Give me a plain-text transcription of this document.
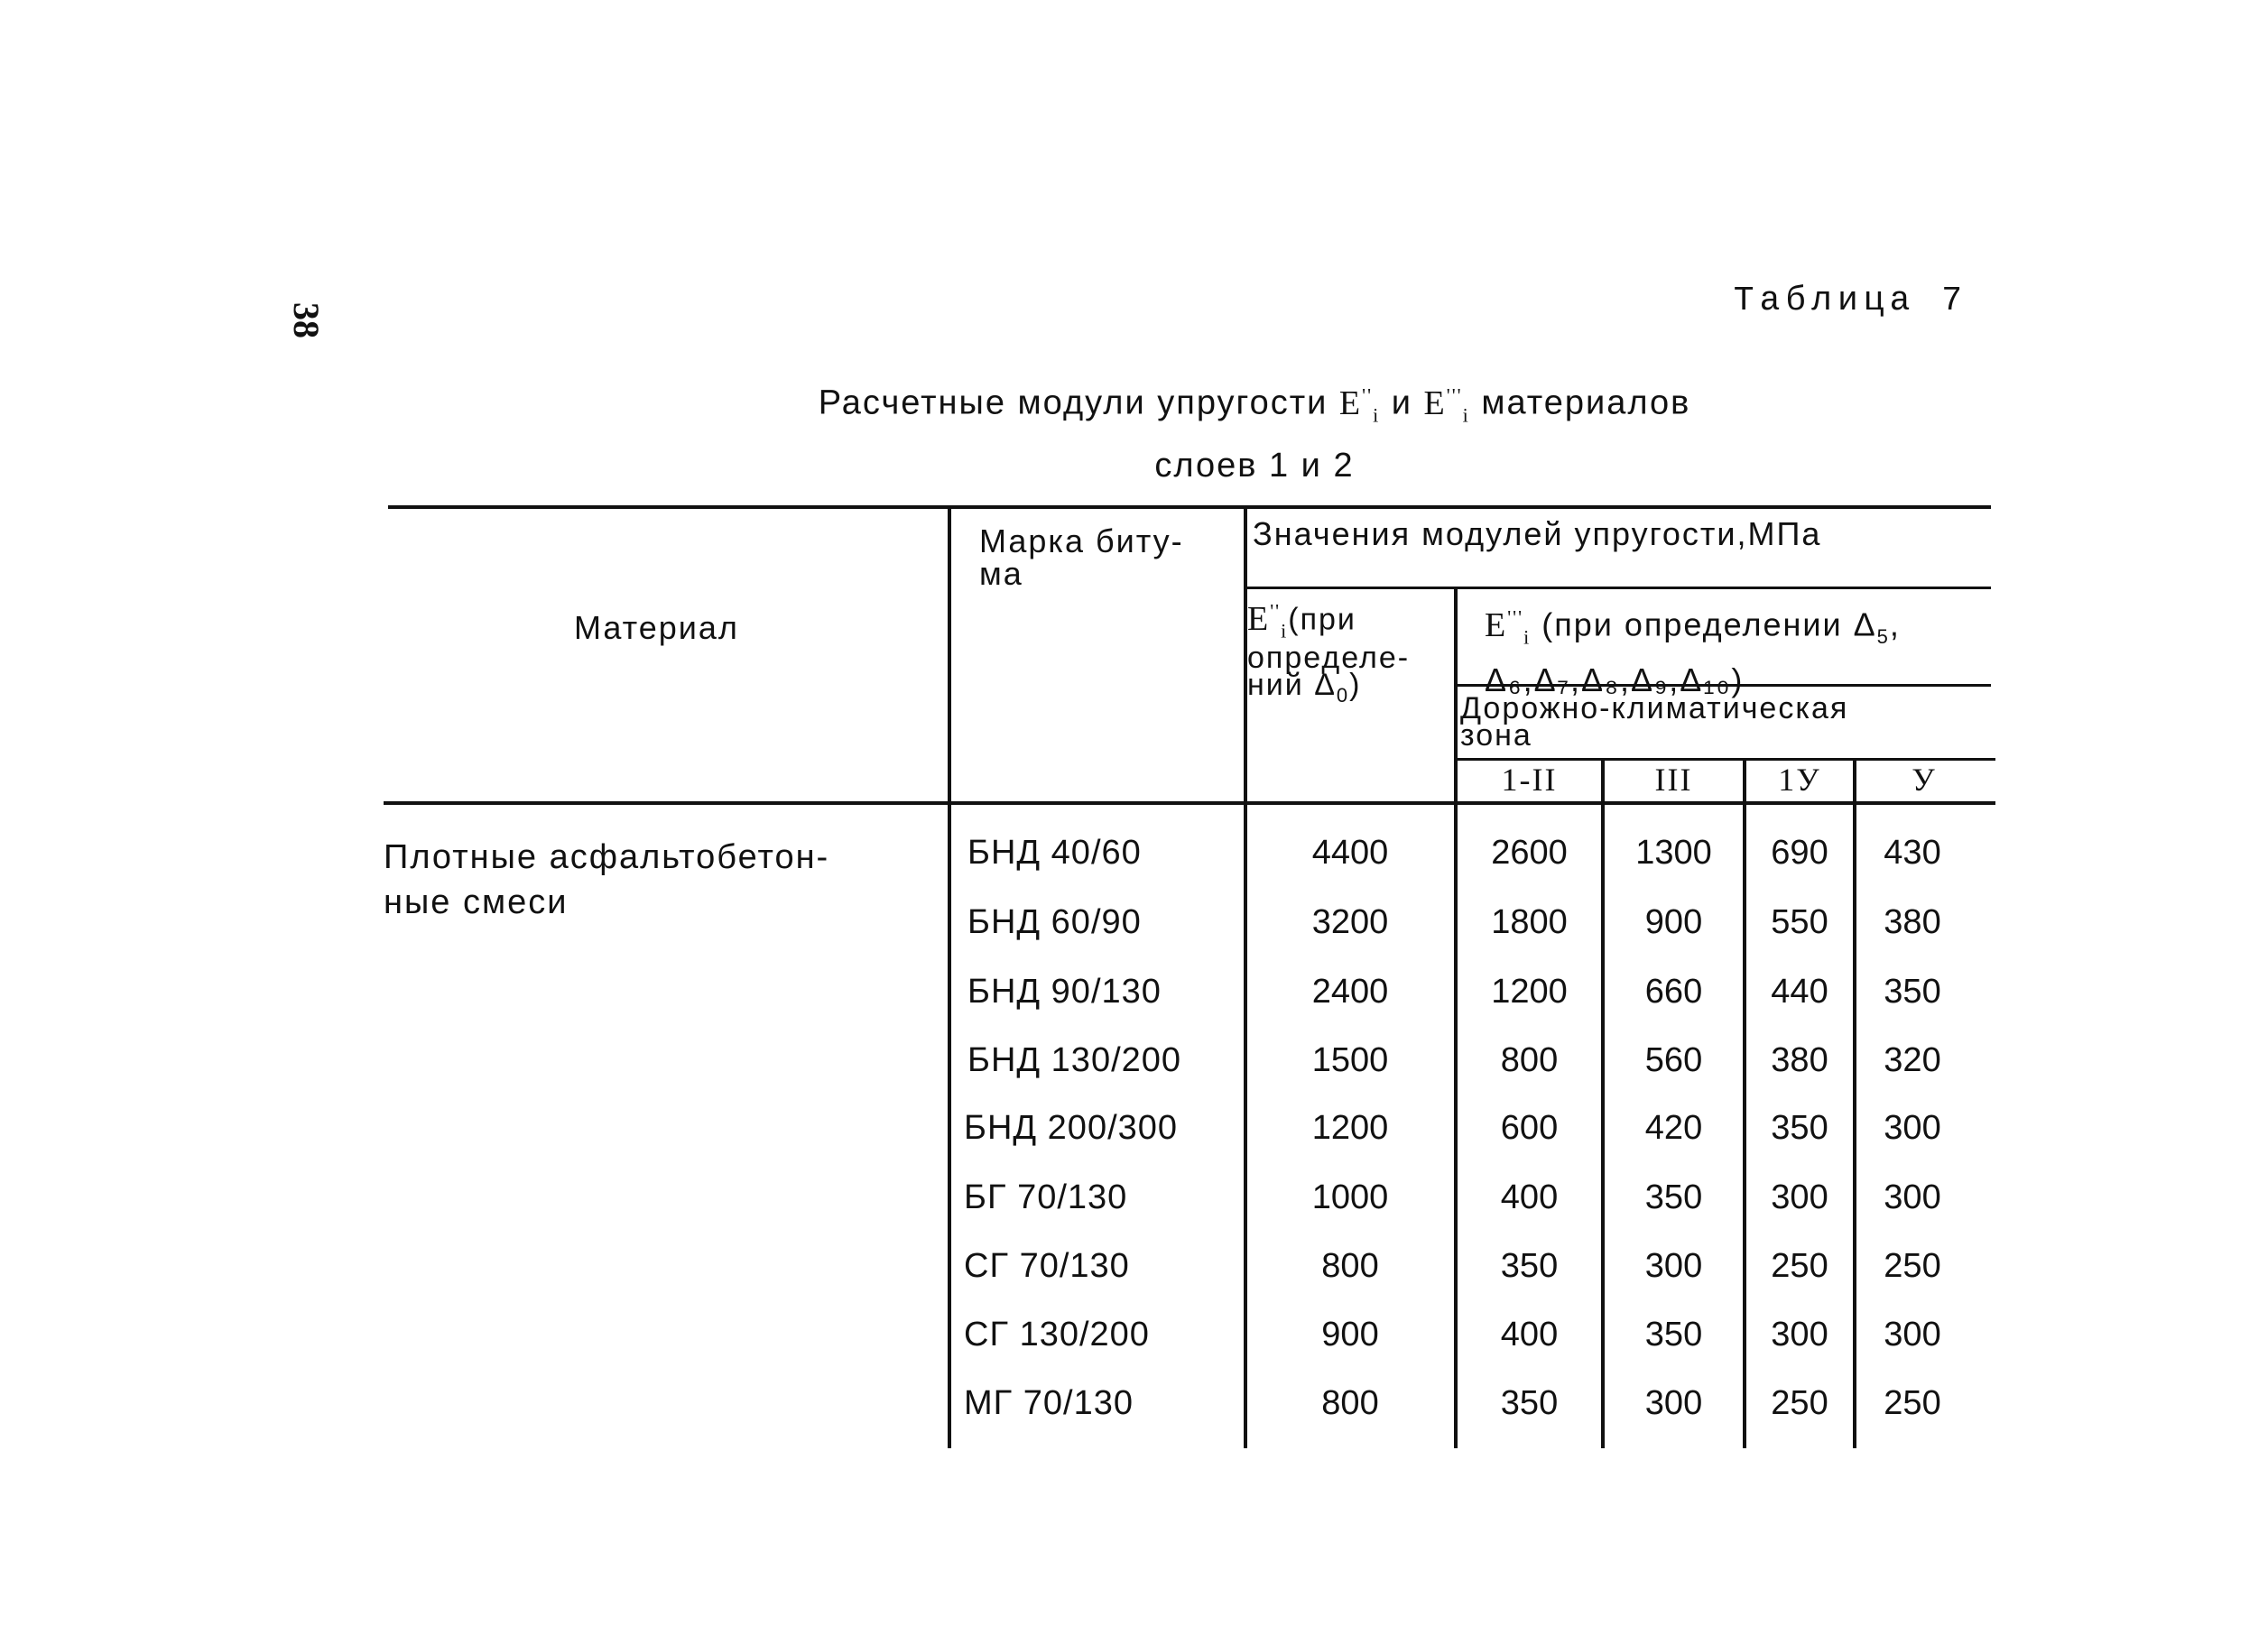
38	Таблица 7
Расчетные модули упругости $E''_i$ и $E'''_i$ материалов
слоев 1 и 2
Материал
Марка биту-
ма
Значения модулей упругости,МПа
$E''_i(при$
определе-
ний $\Delta_0$)
$E'''_i$ (при определении $\Delta_5$,
Δ₆,Δ₇,Δ₈,Δ₉,Δ₁₀)
Дорожно-климатическая
зона
1-II	III	1У	У
Плотные асфальтобетон-
ные смеси
БНД 40/60	4400	2600	1300	690	430
БНД 60/90	3200	1800	900	550	380
БНД 90/130	2400	1200	660	440	350
БНД 130/200	1500	800	560	380	320
БНД 200/300	1200	600	420	350	300
БГ 70/130	1000	400	350	300	300
СГ 70/130	800	350	300	250	250
СГ 130/200	900	400	350	300	300
МГ 70/130	800	350	300	250	250
